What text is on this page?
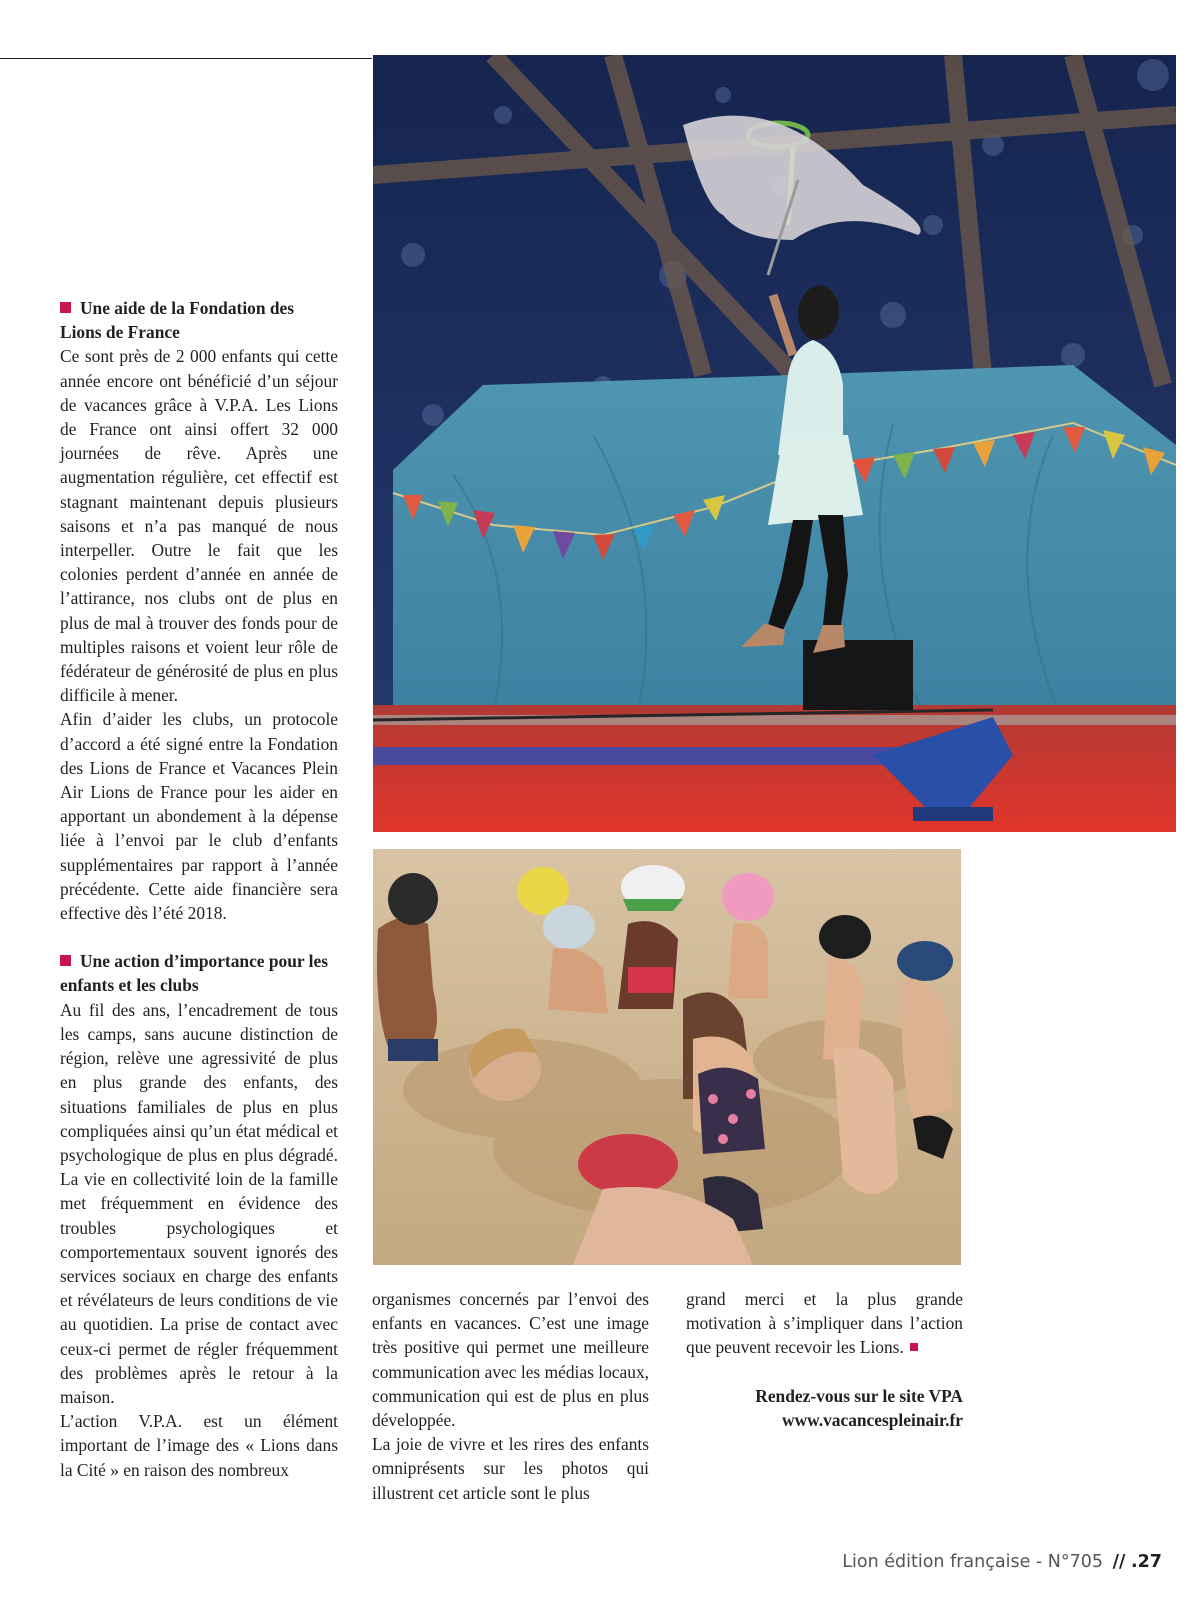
Une aide de la Fondation des Lions de France

Ce sont près de 2 000 enfants qui cette année encore ont bénéficié d’un séjour de vacances grâce à V.P.A. Les Lions de France ont ainsi offert 32 000 journées de rêve. Après une augmentation régulière, cet effectif est stagnant maintenant depuis plusieurs saisons et n’a pas manqué de nous interpeller. Outre le fait que les colonies perdent d’année en année de l’attirance, nos clubs ont de plus en plus de mal à trouver des fonds pour de multiples raisons et voient leur rôle de fédérateur de générosité de plus en plus difficile à mener.

Afin d’aider les clubs, un protocole d’accord a été signé entre la Fondation des Lions de France et Vacances Plein Air Lions de France pour les aider en apportant un abondement à la dépense liée à l’envoi par le club d’enfants supplémentaires par rapport à l’année précédente. Cette aide financière sera effective dès l’été 2018.

Une action d’importance pour les enfants et les clubs

Au fil des ans, l’encadrement de tous les camps, sans aucune distinction de région, relève une agressivité de plus en plus grande des enfants, des situations familiales de plus en plus compliquées ainsi qu’un état médical et psychologique de plus en plus dégradé. La vie en collectivité loin de la famille met fréquemment en évidence des troubles psychologiques et comportementaux souvent ignorés des services sociaux en charge des enfants et révélateurs de leurs conditions de vie au quotidien. La prise de contact avec ceux-ci permet de régler fréquemment des problèmes après le retour à la maison.

L’action V.P.A. est un élément important de l’image des « Lions dans la Cité » en raison des nombreux

organismes concernés par l’envoi des enfants en vacances. C’est une image très positive qui permet une meilleure communication avec les médias locaux, communication qui est de plus en plus développée.

La joie de vivre et les rires des enfants omniprésents sur les photos qui illustrent cet article sont le plus

grand merci et la plus grande motivation à s’impliquer dans l’action que peuvent recevoir les Lions.

Rendez-vous sur le site VPA
www.vacancespleinair.fr
Lion édition française - N°705 // .27
